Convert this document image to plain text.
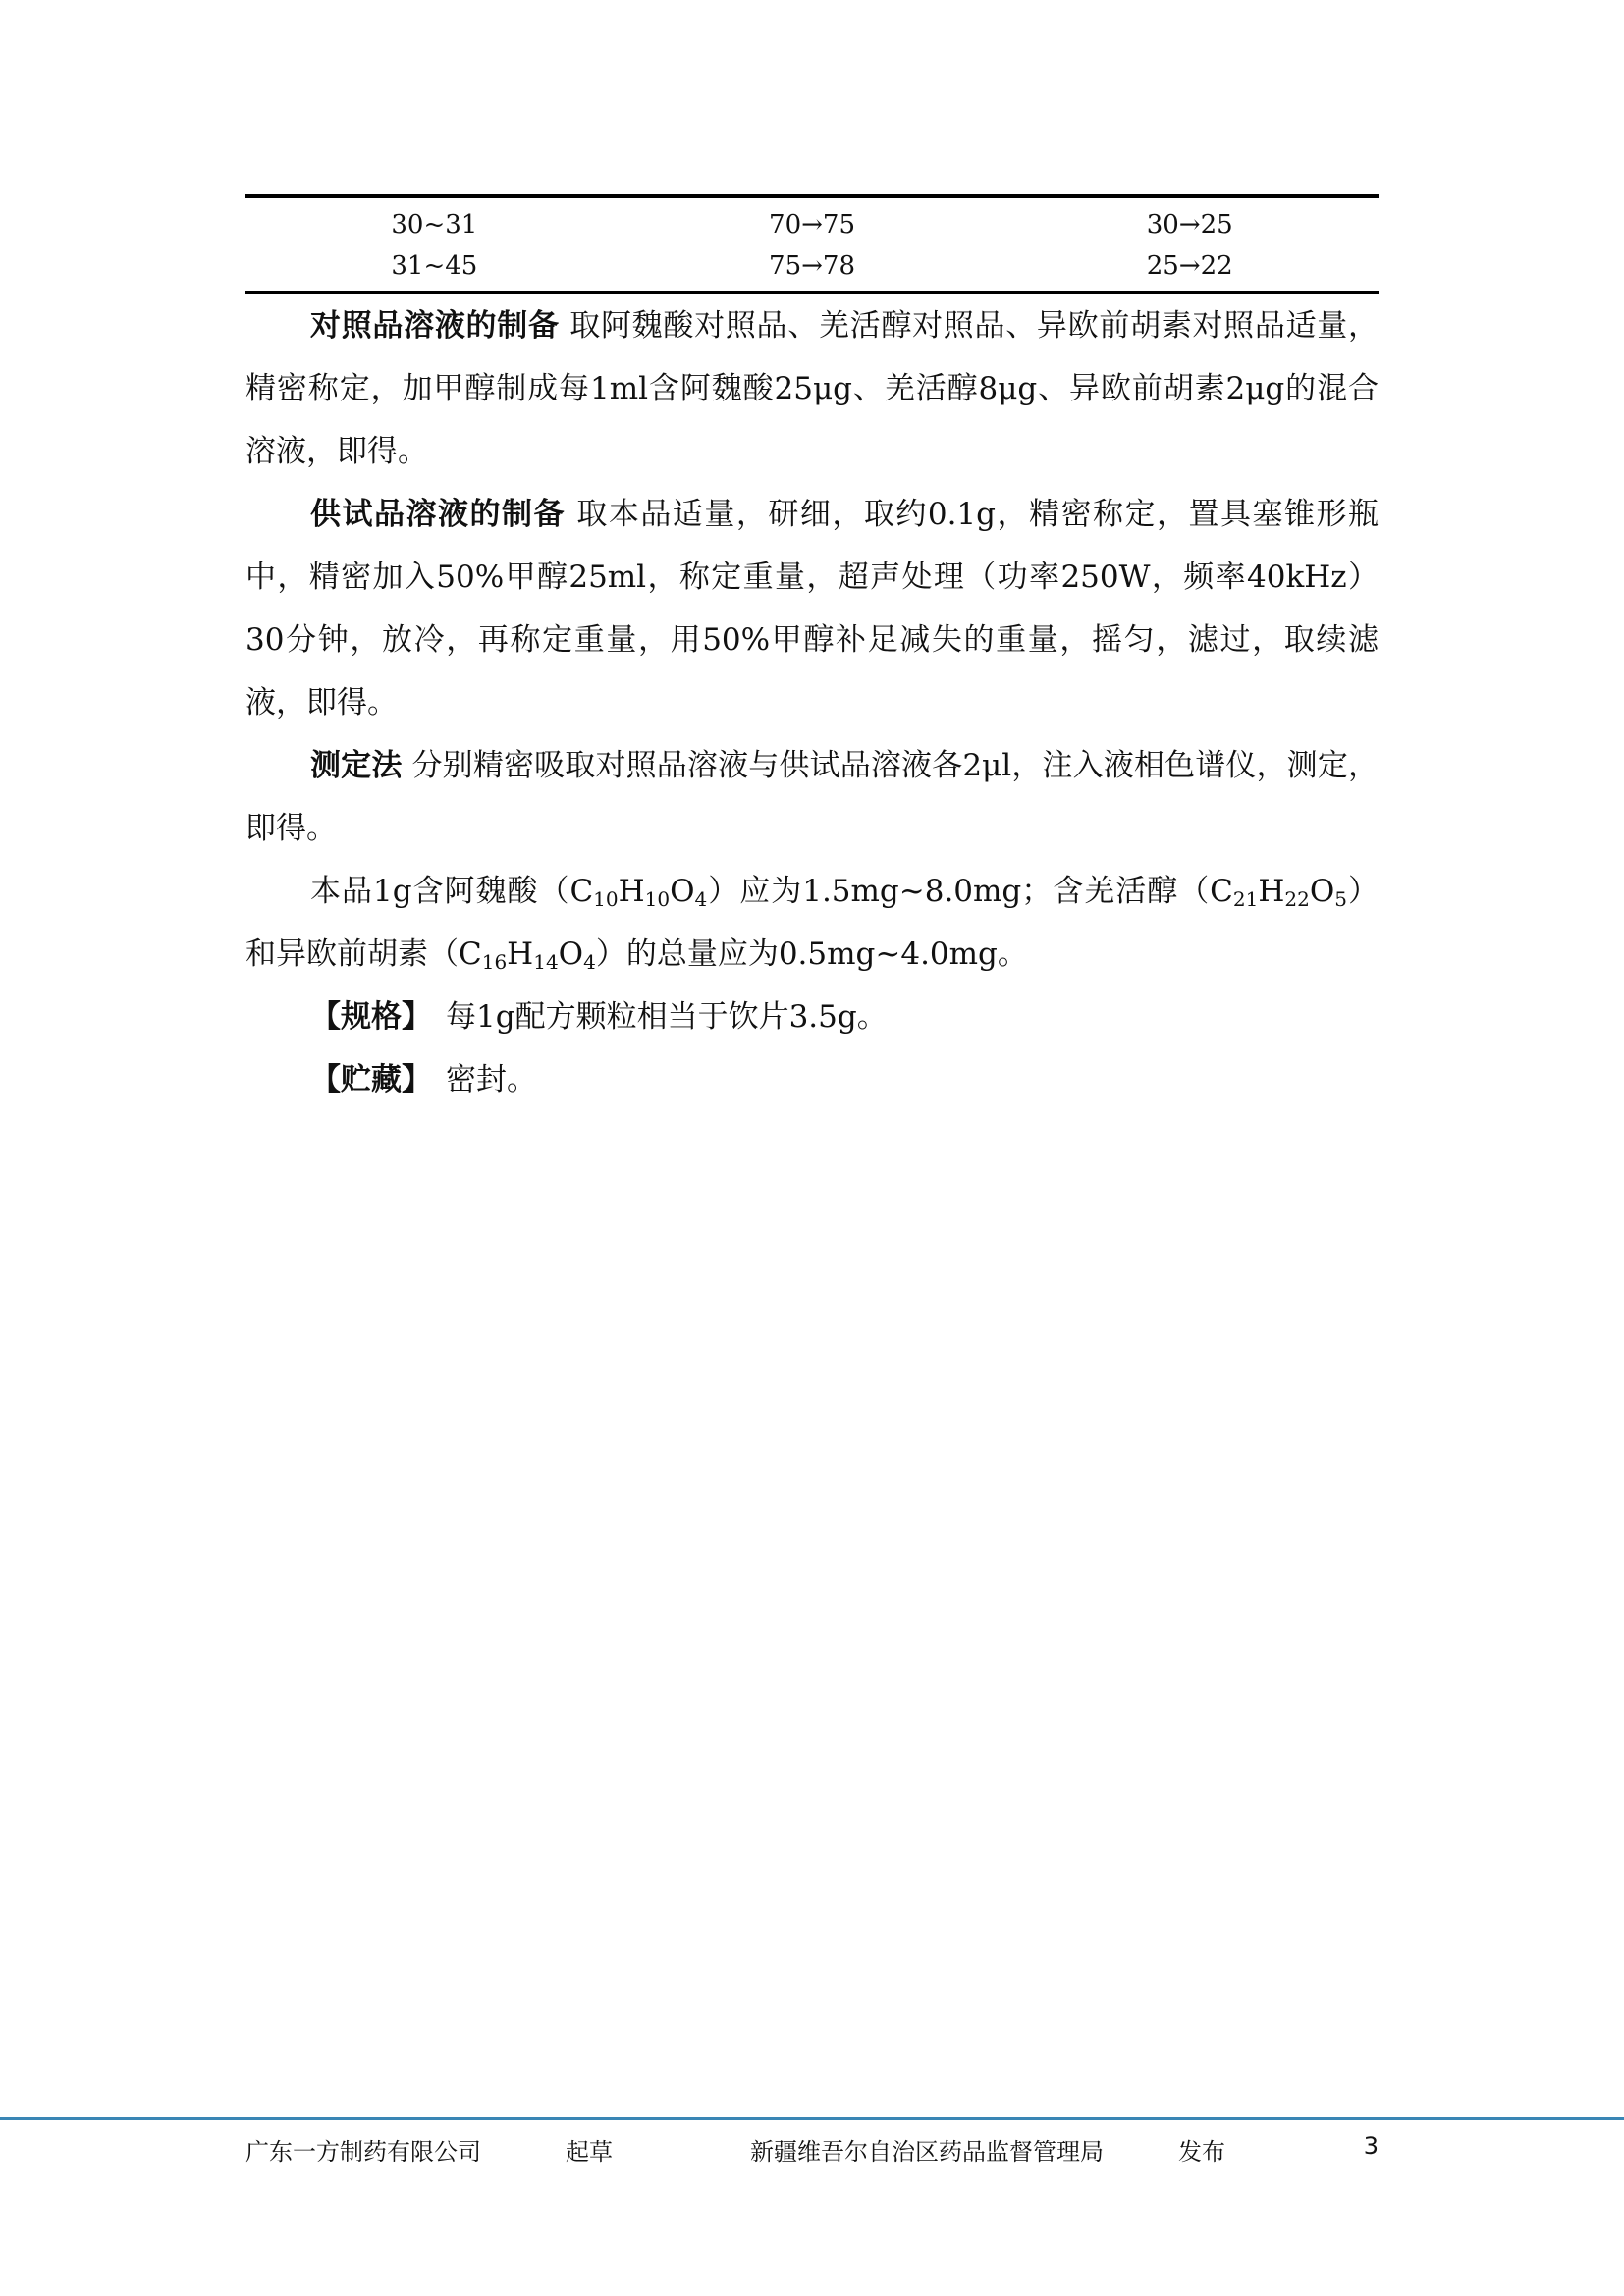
30~31	70→75	30→25
31~45	75→78	25→22

对照品溶液的制备 取阿魏酸对照品、羌活醇对照品、异欧前胡素对照品适量，精密称定，加甲醇制成每1ml含阿魏酸25μg、羌活醇8μg、异欧前胡素2μg的混合溶液，即得。

供试品溶液的制备 取本品适量，研细，取约0.1g，精密称定，置具塞锥形瓶中，精密加入50%甲醇25ml，称定重量，超声处理（功率250W，频率40kHz）30分钟，放冷，再称定重量，用50%甲醇补足减失的重量，摇匀，滤过，取续滤液，即得。

测定法 分别精密吸取对照品溶液与供试品溶液各2μl，注入液相色谱仪，测定，即得。

本品1g含阿魏酸$(C_{10}H_{10}O_4)$应为1.5mg~8.0mg；含羌活醇$(C_{21}H_{22}O_5)$和异欧前胡素$(C_{16}H_{14}O_4)$的总量应为0.5mg~4.0mg。

【规格】 每1g配方颗粒相当于饮片3.5g。

【贮藏】 密封。

广东一方制药有限公司	起草	新疆维吾尔自治区药品监督管理局	发布	3
